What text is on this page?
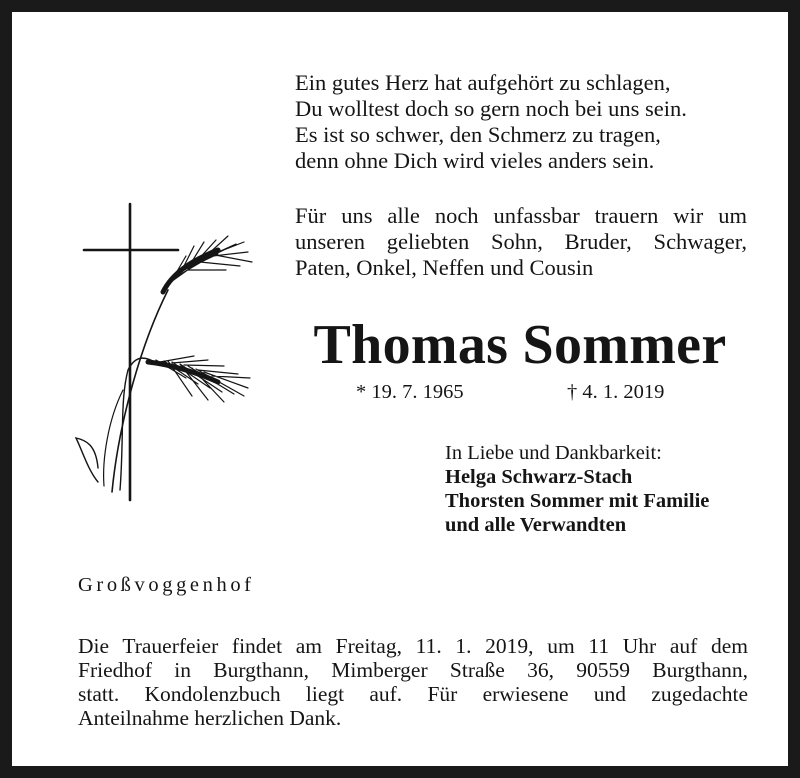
Ein gutes Herz hat aufgehört zu schlagen,
Du wolltest doch so gern noch bei uns sein.
Es ist so schwer, den Schmerz zu tragen,
denn ohne Dich wird vieles anders sein.
Für uns alle noch unfassbar trauern wir um
unseren geliebten Sohn, Bruder, Schwager,
Paten, Onkel, Neffen und Cousin
Thomas Sommer
* 19. 7. 1965	† 4. 1. 2019
In Liebe und Dankbarkeit:
Helga Schwarz-Stach
Thorsten Sommer mit Familie
und alle Verwandten
Großvoggenhof
Die Trauerfeier findet am Freitag, 11. 1. 2019, um 11 Uhr auf dem
Friedhof in Burgthann, Mimberger Straße 36, 90559 Burgthann,
statt. Kondolenzbuch liegt auf. Für erwiesene und zugedachte
Anteilnahme herzlichen Dank.
